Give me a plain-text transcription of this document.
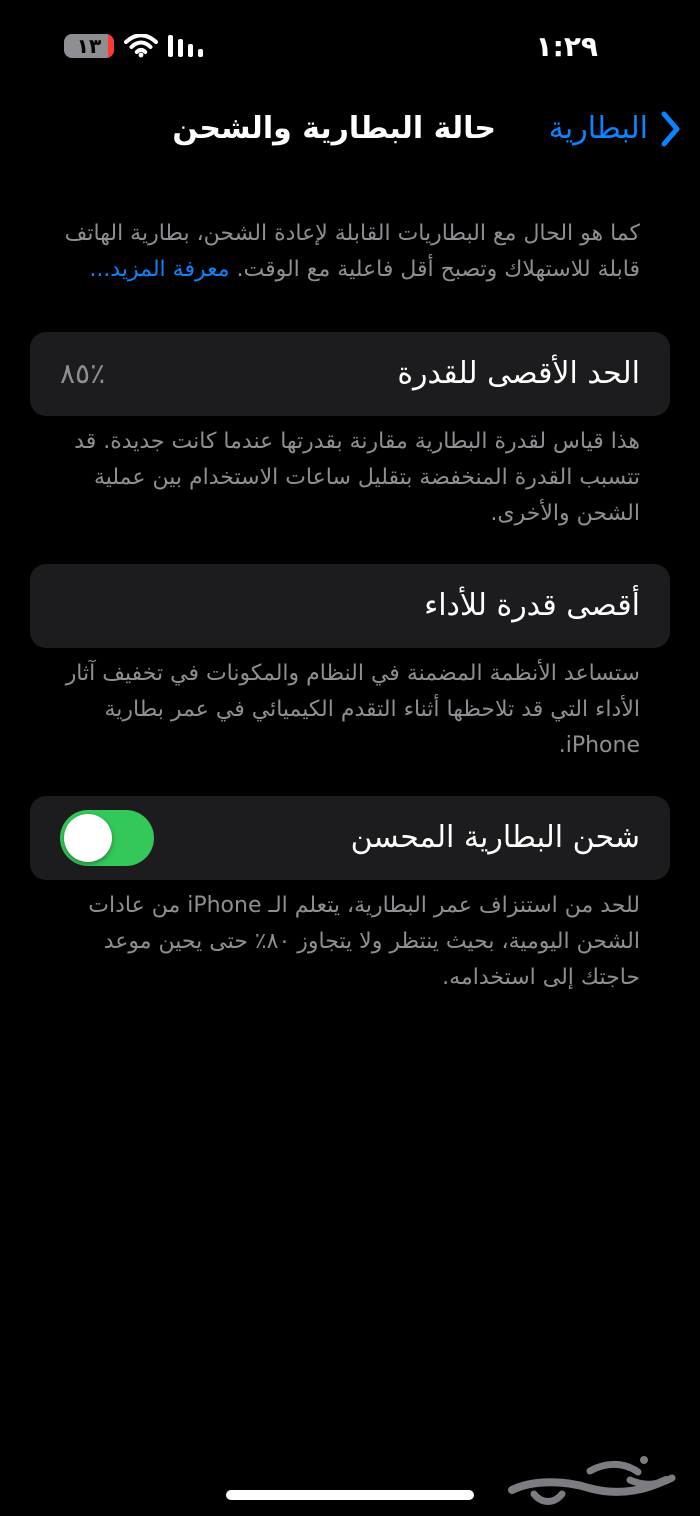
١٣	١:٢٩
البطارية
حالة البطارية والشحن

كما هو الحال مع البطاريات القابلة لإعادة الشحن، بطارية الهاتف قابلة للاستهلاك وتصبح أقل فاعلية مع الوقت. معرفة المزيد...

الحد الأقصى للقدرة
٪٨٥

هذا قياس لقدرة البطارية مقارنة بقدرتها عندما كانت جديدة. قد تتسبب القدرة المنخفضة بتقليل ساعات الاستخدام بين عملية الشحن والأخرى.

أقصى قدرة للأداء

ستساعد الأنظمة المضمنة في النظام والمكونات في تخفيف آثار الأداء التي قد تلاحظها أثناء التقدم الكيميائي في عمر بطارية iPhone.

شحن البطارية المحسن

للحد من استنزاف عمر البطارية، يتعلم الـ iPhone من عادات الشحن اليومية، بحيث ينتظر ولا يتجاوز ٨٠٪ حتى يحين موعد حاجتك إلى استخدامه.
